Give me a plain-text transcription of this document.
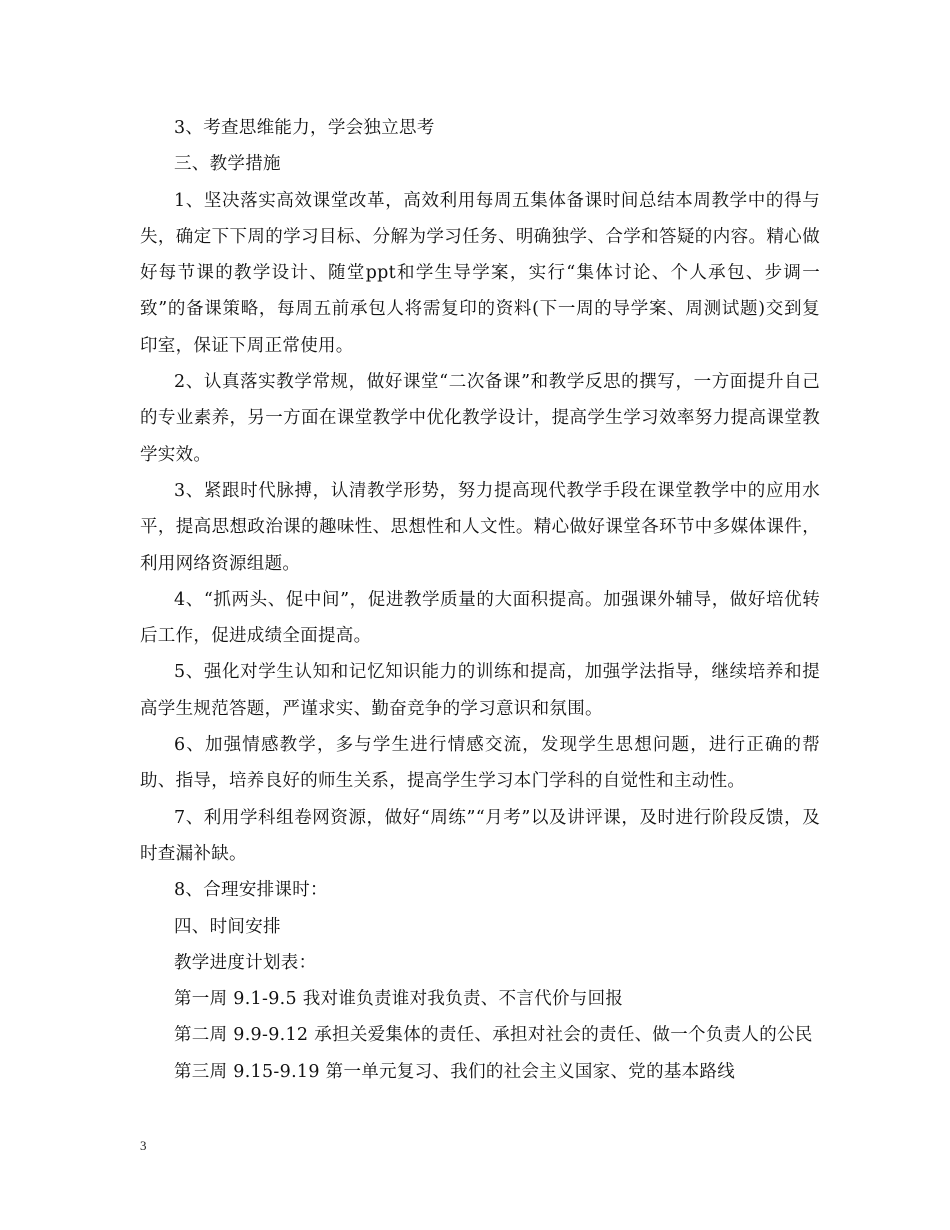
3、考查思维能力，学会独立思考

三、教学措施

1、坚决落实高效课堂改革，高效利用每周五集体备课时间总结本周教学中的得与失，确定下下周的学习目标、分解为学习任务、明确独学、合学和答疑的内容。精心做好每节课的教学设计、随堂ppt和学生导学案，实行“集体讨论、个人承包、步调一致”的备课策略，每周五前承包人将需复印的资料(下一周的导学案、周测试题)交到复印室，保证下周正常使用。

2、认真落实教学常规，做好课堂“二次备课”和教学反思的撰写，一方面提升自己的专业素养，另一方面在课堂教学中优化教学设计，提高学生学习效率努力提高课堂教学实效。

3、紧跟时代脉搏，认清教学形势，努力提高现代教学手段在课堂教学中的应用水平，提高思想政治课的趣味性、思想性和人文性。精心做好课堂各环节中多媒体课件，利用网络资源组题。

4、“抓两头、促中间”，促进教学质量的大面积提高。加强课外辅导，做好培优转后工作，促进成绩全面提高。

5、强化对学生认知和记忆知识能力的训练和提高，加强学法指导，继续培养和提高学生规范答题，严谨求实、勤奋竞争的学习意识和氛围。

6、加强情感教学，多与学生进行情感交流，发现学生思想问题，进行正确的帮助、指导，培养良好的师生关系，提高学生学习本门学科的自觉性和主动性。

7、利用学科组卷网资源，做好“周练”“月考”以及讲评课，及时进行阶段反馈，及时查漏补缺。

8、合理安排课时：

四、时间安排

教学进度计划表：

第一周 9.1-9.5 我对谁负责谁对我负责、不言代价与回报

第二周 9.9-9.12 承担关爱集体的责任、承担对社会的责任、做一个负责人的公民

第三周 9.15-9.19 第一单元复习、我们的社会主义国家、党的基本路线

3
